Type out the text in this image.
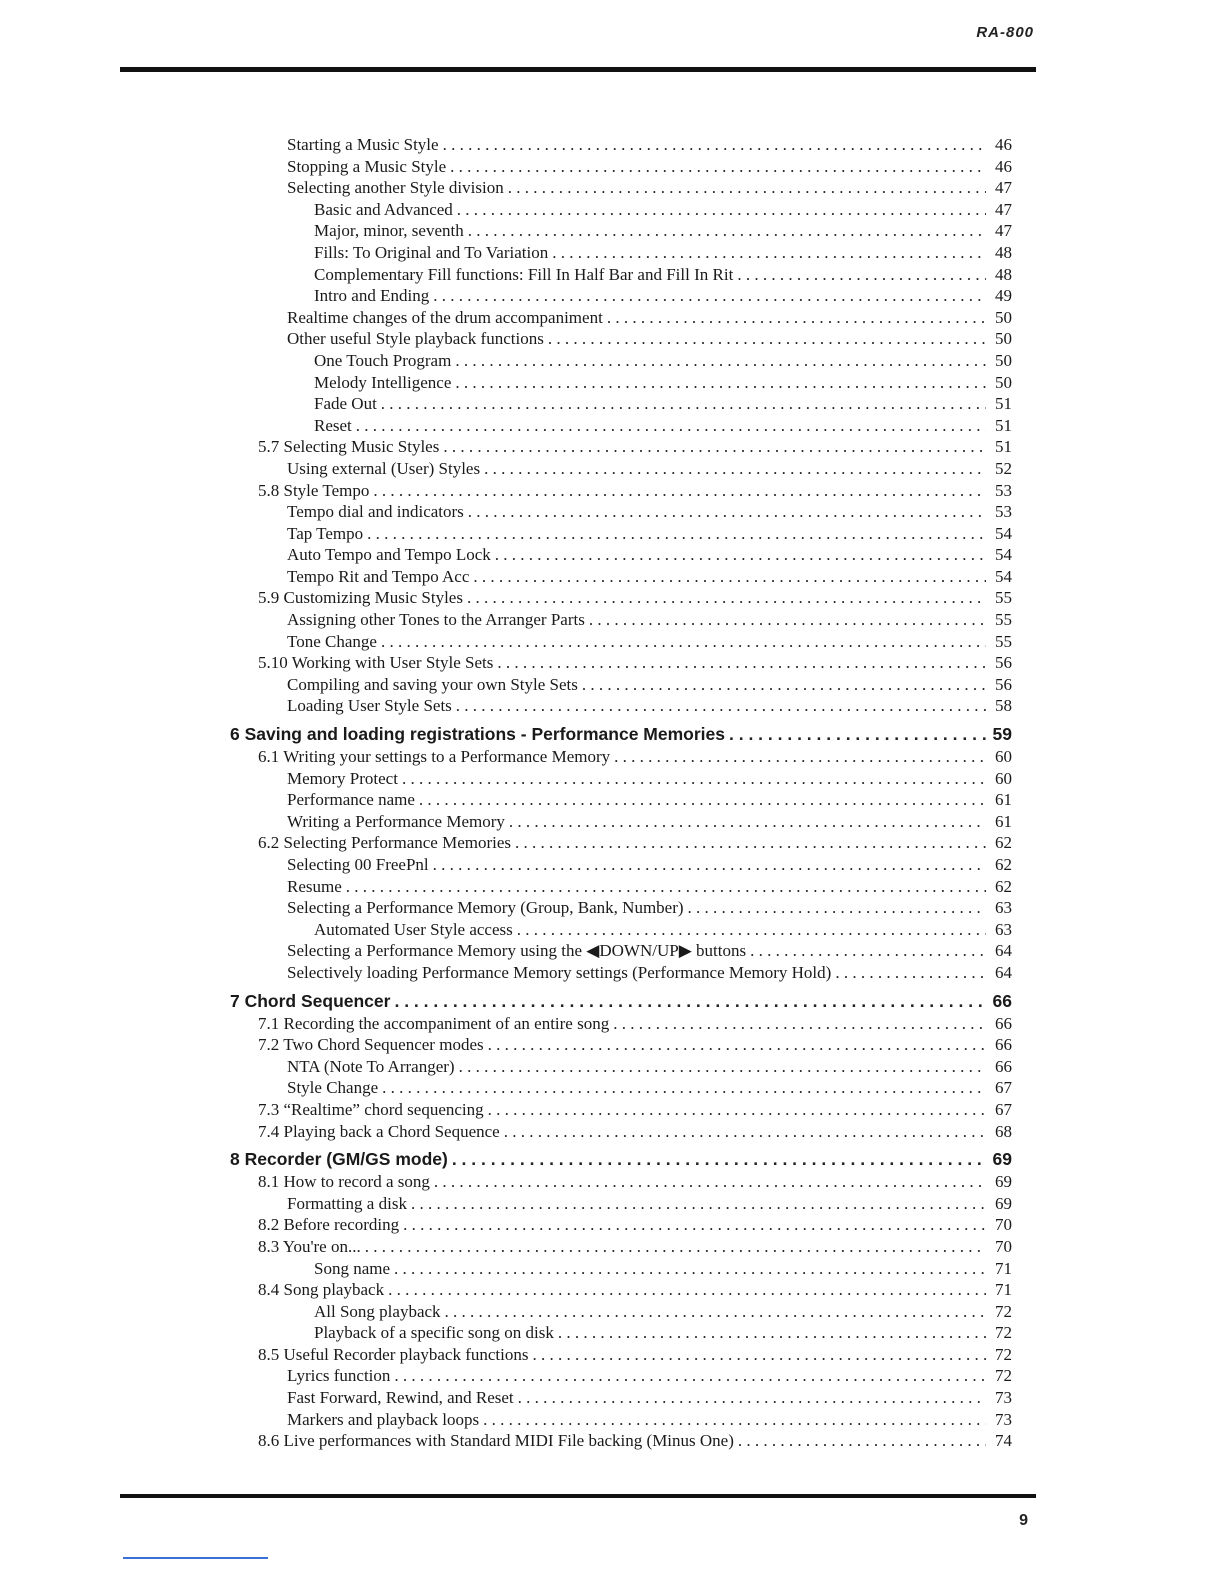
RA-800
Starting a Music Style . . .	46
Stopping a Music Style . . .	46
Selecting another Style division . . .	47
Basic and Advanced . . .	47
Major, minor, seventh . . .	47
Fills: To Original and To Variation . . .	48
Complementary Fill functions: Fill In Half Bar and Fill In Rit . . .	48
Intro and Ending . . .	49
Realtime changes of the drum accompaniment . . .	50
Other useful Style playback functions . . .	50
One Touch Program . . .	50
Melody Intelligence . . .	50
Fade Out . . .	51
Reset . . .	51
5.7 Selecting Music Styles . . .	51
Using external (User) Styles . . .	52
5.8 Style Tempo . . .	53
Tempo dial and indicators . . .	53
Tap Tempo . . .	54
Auto Tempo and Tempo Lock . . .	54
Tempo Rit and Tempo Acc . . .	54
5.9 Customizing Music Styles . . .	55
Assigning other Tones to the Arranger Parts . . .	55
Tone Change . . .	55
5.10 Working with User Style Sets . . .	56
Compiling and saving your own Style Sets . . .	56
Loading User Style Sets . . .	58
6 Saving and loading registrations - Performance Memories . . .	59
6.1 Writing your settings to a Performance Memory . . .	60
Memory Protect . . .	60
Performance name . . .	61
Writing a Performance Memory . . .	61
6.2 Selecting Performance Memories . . .	62
Selecting 00 FreePnl . . .	62
Resume . . .	62
Selecting a Performance Memory (Group, Bank, Number) . . .	63
Automated User Style access . . .	63
Selecting a Performance Memory using the ◀DOWN/UP▶ buttons . . .	64
Selectively loading Performance Memory settings (Performance Memory Hold) . . .	64
7 Chord Sequencer . . .	66
7.1 Recording the accompaniment of an entire song . . .	66
7.2 Two Chord Sequencer modes . . .	66
NTA (Note To Arranger) . . .	66
Style Change . . .	67
7.3 “Realtime” chord sequencing . . .	67
7.4 Playing back a Chord Sequence . . .	68
8 Recorder (GM/GS mode) . . .	69
8.1 How to record a song . . .	69
Formatting a disk . . .	69
8.2 Before recording . . .	70
8.3 You're on... . . .	70
Song name . . .	71
8.4 Song playback . . .	71
All Song playback . . .	72
Playback of a specific song on disk . . .	72
8.5 Useful Recorder playback functions . . .	72
Lyrics function . . .	72
Fast Forward, Rewind, and Reset . . .	73
Markers and playback loops . . .	73
8.6 Live performances with Standard MIDI File backing (Minus One) . . .	74
9
